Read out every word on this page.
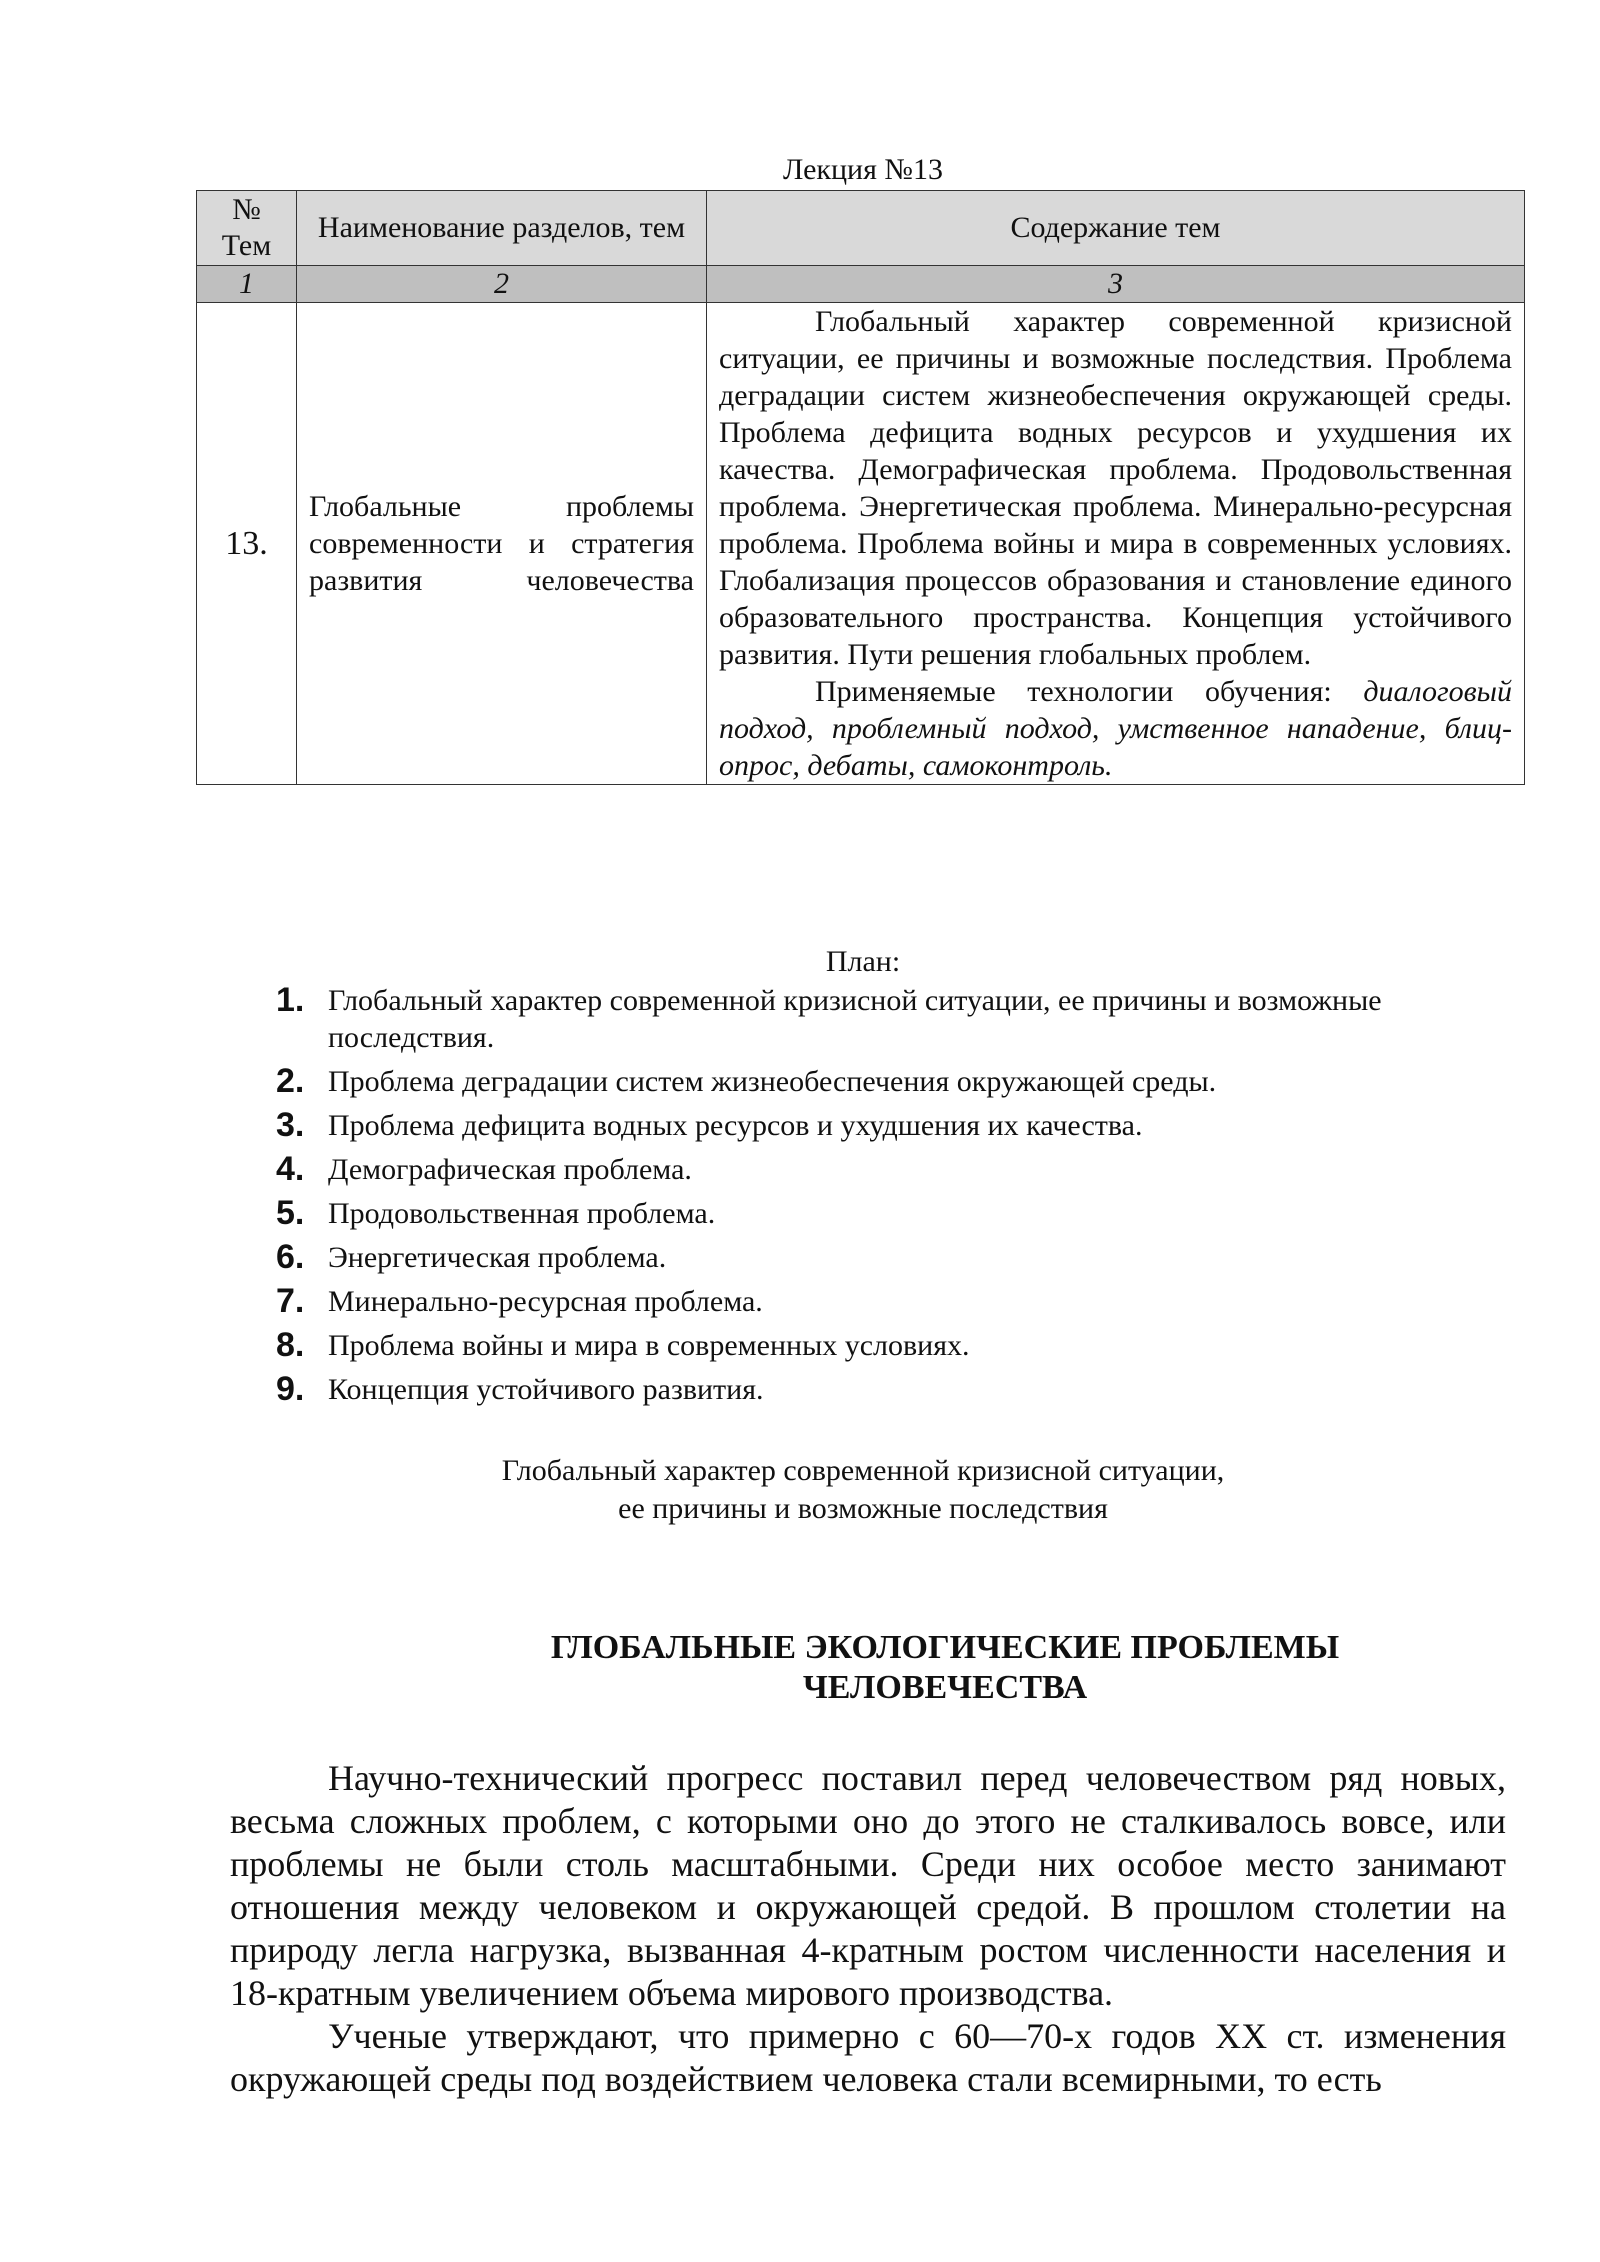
Лекция №13
№ Тем	Наименование разделов, тем	Содержание тем
1	2	3
13.	Глобальные проблемы современности и стратегия развития человечества	Глобальный характер современной кризисной ситуации, ее причины и возможные последствия. Проблема деградации систем жизнеобеспечения окружающей среды. Проблема дефицита водных ресурсов и ухудшения их качества. Демографическая проблема. Продовольственная проблема. Энергетическая проблема. Минерально-ресурсная проблема. Проблема войны и мира в современных условиях. Глобализация процессов образования и становление единого образовательного пространства. Концепция устойчивого развития. Пути решения глобальных проблем.

Применяемые технологии обучения: диалоговый подход, проблемный подход, умственное нападение, блиц-опрос, дебаты, самоконтроль.

План:
1. Глобальный характер современной кризисной ситуации, ее причины и возможные последствия.
2. Проблема деградации систем жизнеобеспечения окружающей среды.
3. Проблема дефицита водных ресурсов и ухудшения их качества.
4. Демографическая проблема.
5. Продовольственная проблема.
6. Энергетическая проблема.
7. Минерально-ресурсная проблема.
8. Проблема войны и мира в современных условиях.
9. Концепция устойчивого развития.
Глобальный характер современной кризисной ситуации,
ее причины и возможные последствия
ГЛОБАЛЬНЫЕ ЭКОЛОГИЧЕСКИЕ ПРОБЛЕМЫ
ЧЕЛОВЕЧЕСТВА

Научно-технический прогресс поставил перед человечеством ряд новых, весьма сложных проблем, с которыми оно до этого не сталкивалось вовсе, или проблемы не были столь масштабными. Среди них особое место занимают отношения между человеком и окружающей средой. В прошлом столетии на природу легла нагрузка, вызванная 4-кратным ростом численности населения и 18-кратным увеличением объема мирового производства.

Ученые утверждают, что примерно с 60—70-х годов XX ст. изменения окружающей среды под воздействием человека стали всемирными, то есть
